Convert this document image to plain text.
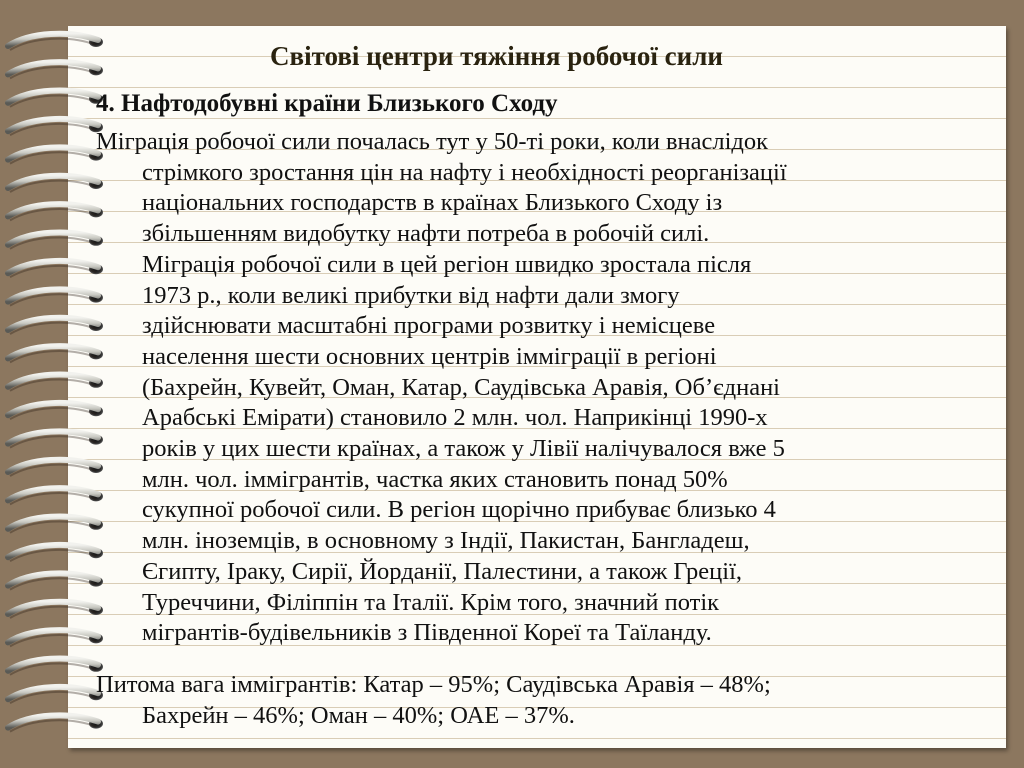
Світові центри тяжіння робочої сили
4. Нафтодобувні країни Близького Сходу

Міграція робочої сили почалась тут у 50-ті роки, коли внаслідок
стрімкого зростання цін на нафту і необхідності реорганізації
національних господарств в країнах Близького Сходу із
збільшенням видобутку нафти потреба в робочій силі.
Міграція робочої сили в цей регіон швидко зростала після
1973 р., коли великі прибутки від нафти дали змогу
здійснювати масштабні програми розвитку і немісцеве
населення шести основних центрів імміграції в регіоні
(Бахрейн, Кувейт, Оман, Катар, Саудівська Аравія, Об’єднані
Арабські Емірати) становило 2 млн. чол. Наприкінці 1990-х
років у цих шести країнах, а також у Лівії налічувалося вже 5
млн. чол. іммігрантів, частка яких становить понад 50%
сукупної робочої сили. В регіон щорічно прибуває близько 4
млн. іноземців, в основному з Індії, Пакистан, Бангладеш,
Єгипту, Іраку, Сирії, Йорданії, Палестини, а також Греції,
Туреччини, Філіппін та Італії. Крім того, значний потік
мігрантів-будівельників з Південної Кореї та Таїланду.

Питома вага іммігрантів: Катар – 95%; Саудівська Аравія – 48%;
Бахрейн – 46%; Оман – 40%; ОАЕ – 37%.
